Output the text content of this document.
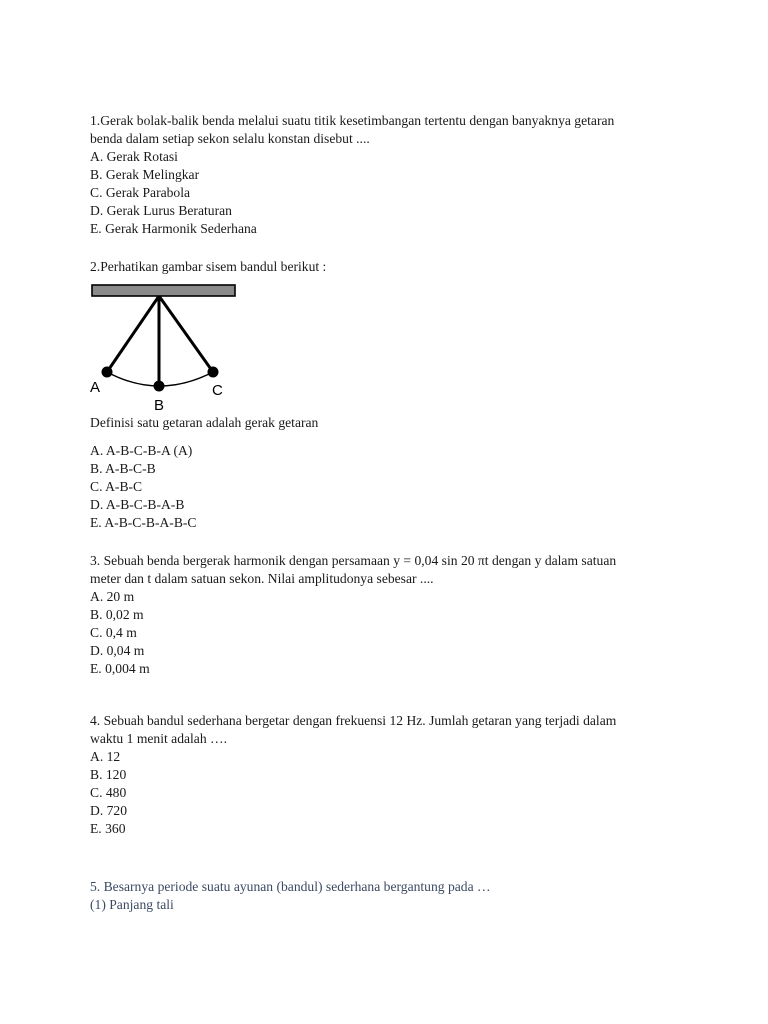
1.Gerak bolak-balik benda melalui suatu titik kesetimbangan tertentu dengan banyaknya getaran
benda dalam setiap sekon selalu konstan disebut ....
A. Gerak Rotasi
B. Gerak Melingkar
C. Gerak Parabola
D. Gerak Lurus Beraturan
E. Gerak Harmonik Sederhana
2.Perhatikan gambar sisem bandul berikut :
A
B
C
Definisi satu getaran adalah gerak getaran
A. A-B-C-B-A (A)
B. A-B-C-B
C. A-B-C
D. A-B-C-B-A-B
E. A-B-C-B-A-B-C
3. Sebuah benda bergerak harmonik dengan persamaan y = 0,04 sin 20 πt dengan y dalam satuan
meter dan t dalam satuan sekon. Nilai amplitudonya sebesar ....
A. 20 m
B. 0,02 m
C. 0,4 m
D. 0,04 m
E. 0,004 m
4. Sebuah bandul sederhana bergetar dengan frekuensi 12 Hz. Jumlah getaran yang terjadi dalam
waktu 1 menit adalah ….
A. 12
B. 120
C. 480
D. 720
E. 360
5. Besarnya periode suatu ayunan (bandul) sederhana bergantung pada …
(1) Panjang tali
